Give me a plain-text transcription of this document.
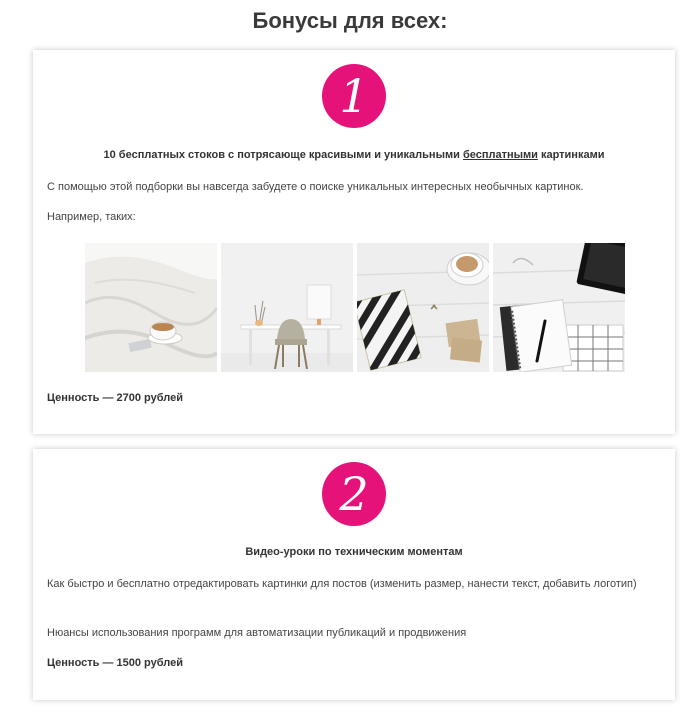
Бонусы для всех:
1
10 бесплатных стоков с потрясающе красивыми и уникальными бесплатными картинками
С помощью этой подборки вы навсегда забудете о поиске уникальных интересных необычных картинок.
Например, таких:
Ценность — 2700 рублей
2
Видео-уроки по техническим моментам
Как быстро и бесплатно отредактировать картинки для постов (изменить размер, нанести текст, добавить логотип)
Нюансы использования программ для автоматизации публикаций и продвижения
Ценность — 1500 рублей
